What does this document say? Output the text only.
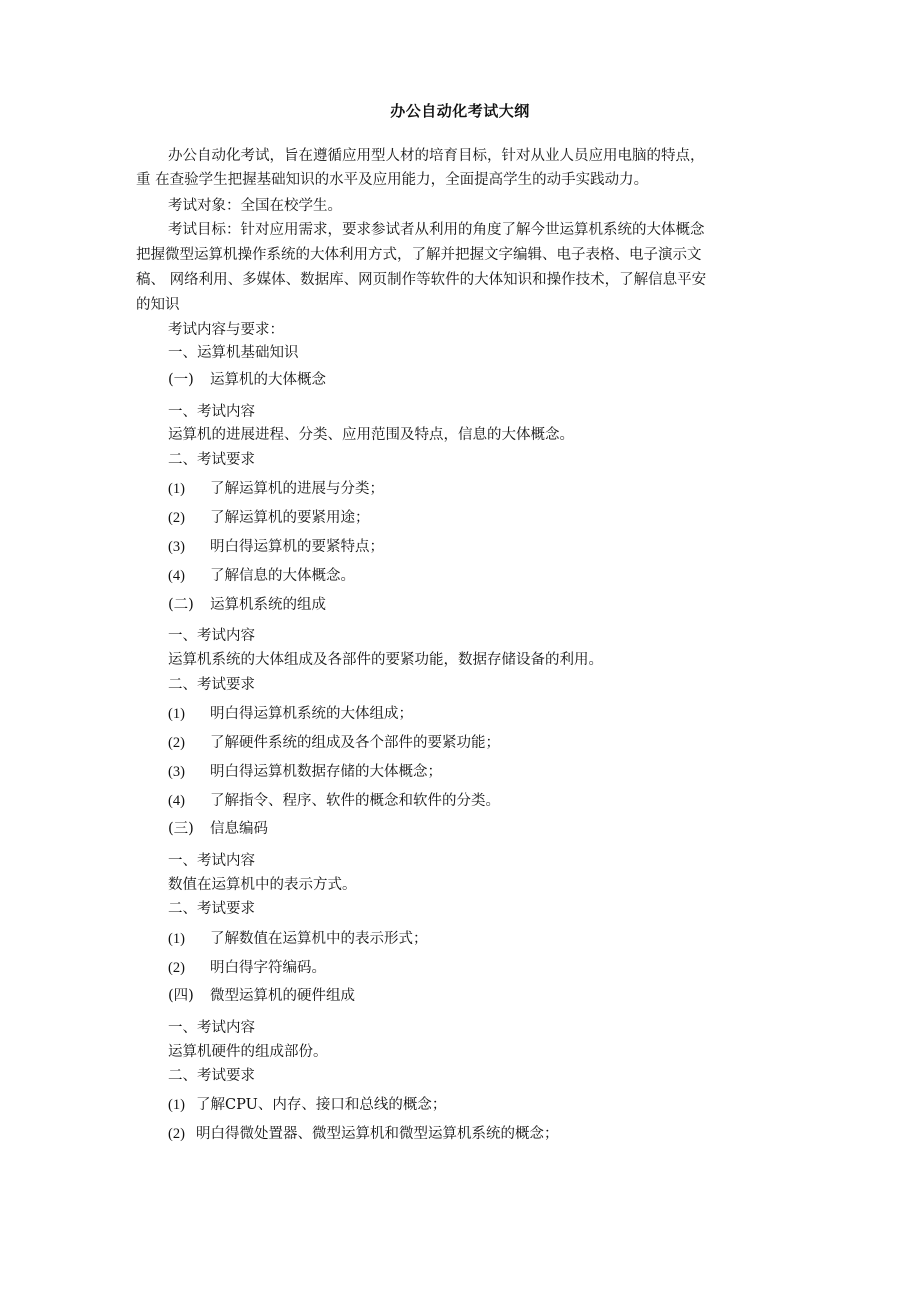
办公自动化考试大纲
办公自动化考试，旨在遵循应用型人材的培育目标，针对从业人员应用电脑的特点，
重 在查验学生把握基础知识的水平及应用能力，全面提高学生的动手实践动力。
考试对象：全国在校学生。
考试目标：针对应用需求，要求参试者从利用的角度了解今世运算机系统的大体概念
把握微型运算机操作系统的大体利用方式，了解并把握文字编辑、电子表格、电子演示文
稿、 网络利用、多媒体、数据库、网页制作等软件的大体知识和操作技术，了解信息平安
的知识
考试内容与要求：
一、运算机基础知识
(一) 运算机的大体概念
一、考试内容
运算机的进展进程、分类、应用范围及特点，信息的大体概念。
二、考试要求
(1) 了解运算机的进展与分类；
(2) 了解运算机的要紧用途；
(3) 明白得运算机的要紧特点；
(4) 了解信息的大体概念。
(二) 运算机系统的组成
一、考试内容
运算机系统的大体组成及各部件的要紧功能，数据存储设备的利用。
二、考试要求
(1) 明白得运算机系统的大体组成；
(2) 了解硬件系统的组成及各个部件的要紧功能；
(3) 明白得运算机数据存储的大体概念；
(4) 了解指令、程序、软件的概念和软件的分类。
(三) 信息编码
一、考试内容
数值在运算机中的表示方式。
二、考试要求
(1) 了解数值在运算机中的表示形式；
(2) 明白得字符编码。
(四) 微型运算机的硬件组成
一、考试内容
运算机硬件的组成部份。
二、考试要求
(1) 了解CPU、内存、接口和总线的概念；
(2) 明白得微处置器、微型运算机和微型运算机系统的概念；
